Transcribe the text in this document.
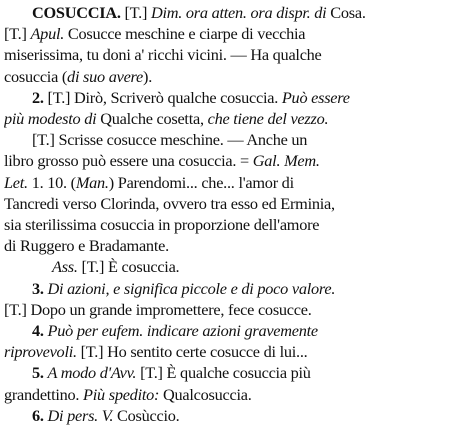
COSUCCIA. [T.] Dim. ora atten. ora dispr. di Cosa.
[T.] Apul. Cosucce meschine e ciarpe di vecchia
miserissima, tu doni a' ricchi vicini. — Ha qualche
cosuccia (di suo avere).
2. [T.] Dirò, Scriverò qualche cosuccia. Può essere
più modesto di Qualche cosetta, che tiene del vezzo.
[T.] Scrisse cosucce meschine. — Anche un
libro grosso può essere una cosuccia. = Gal. Mem.
Let. 1. 10. (Man.) Parendomi... che... l'amor di
Tancredi verso Clorinda, ovvero tra esso ed Erminia,
sia sterilissima cosuccia in proporzione dell'amore
di Ruggero e Bradamante.
Ass. [T.] È cosuccia.
3. Di azioni, e significa piccole e di poco valore.
[T.] Dopo un grande impromettere, fece cosucce.
4. Può per eufem. indicare azioni gravemente
riprovevoli. [T.] Ho sentito certe cosucce di lui...
5. A modo d'Avv. [T.] È qualche cosuccia più
grandettino. Più spedito: Qualcosuccia.
6. Di pers. V. Cosùccio.
